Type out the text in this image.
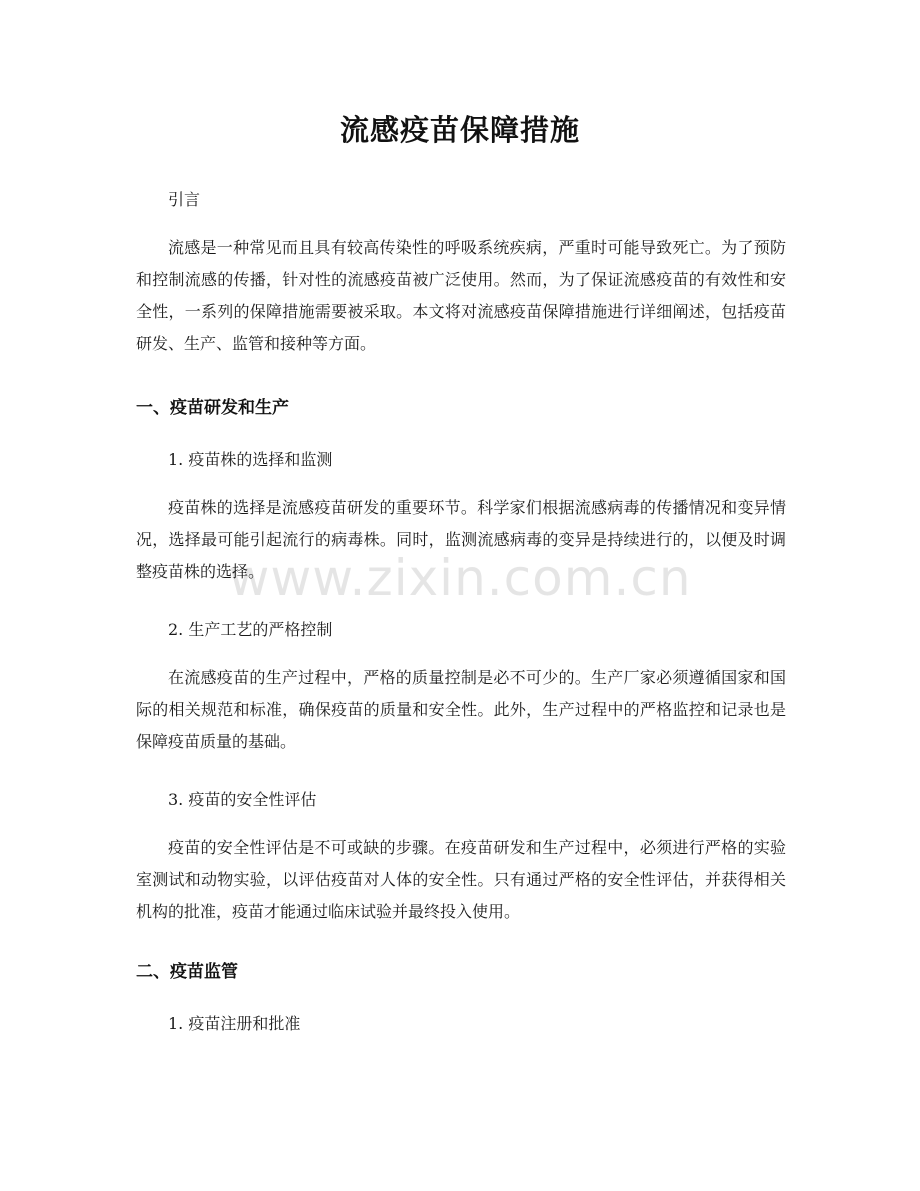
流感疫苗保障措施

引言

流感是一种常见而且具有较高传染性的呼吸系统疾病，严重时可能导致死亡。为了预防和控制流感的传播，针对性的流感疫苗被广泛使用。然而，为了保证流感疫苗的有效性和安全性，一系列的保障措施需要被采取。本文将对流感疫苗保障措施进行详细阐述，包括疫苗研发、生产、监管和接种等方面。

一、疫苗研发和生产

1. 疫苗株的选择和监测

疫苗株的选择是流感疫苗研发的重要环节。科学家们根据流感病毒的传播情况和变异情况，选择最可能引起流行的病毒株。同时，监测流感病毒的变异是持续进行的，以便及时调整疫苗株的选择。

2. 生产工艺的严格控制

在流感疫苗的生产过程中，严格的质量控制是必不可少的。生产厂家必须遵循国家和国际的相关规范和标准，确保疫苗的质量和安全性。此外，生产过程中的严格监控和记录也是保障疫苗质量的基础。

3. 疫苗的安全性评估

疫苗的安全性评估是不可或缺的步骤。在疫苗研发和生产过程中，必须进行严格的实验室测试和动物实验，以评估疫苗对人体的安全性。只有通过严格的安全性评估，并获得相关机构的批准，疫苗才能通过临床试验并最终投入使用。

二、疫苗监管

1. 疫苗注册和批准

www.zixin.com.cn
